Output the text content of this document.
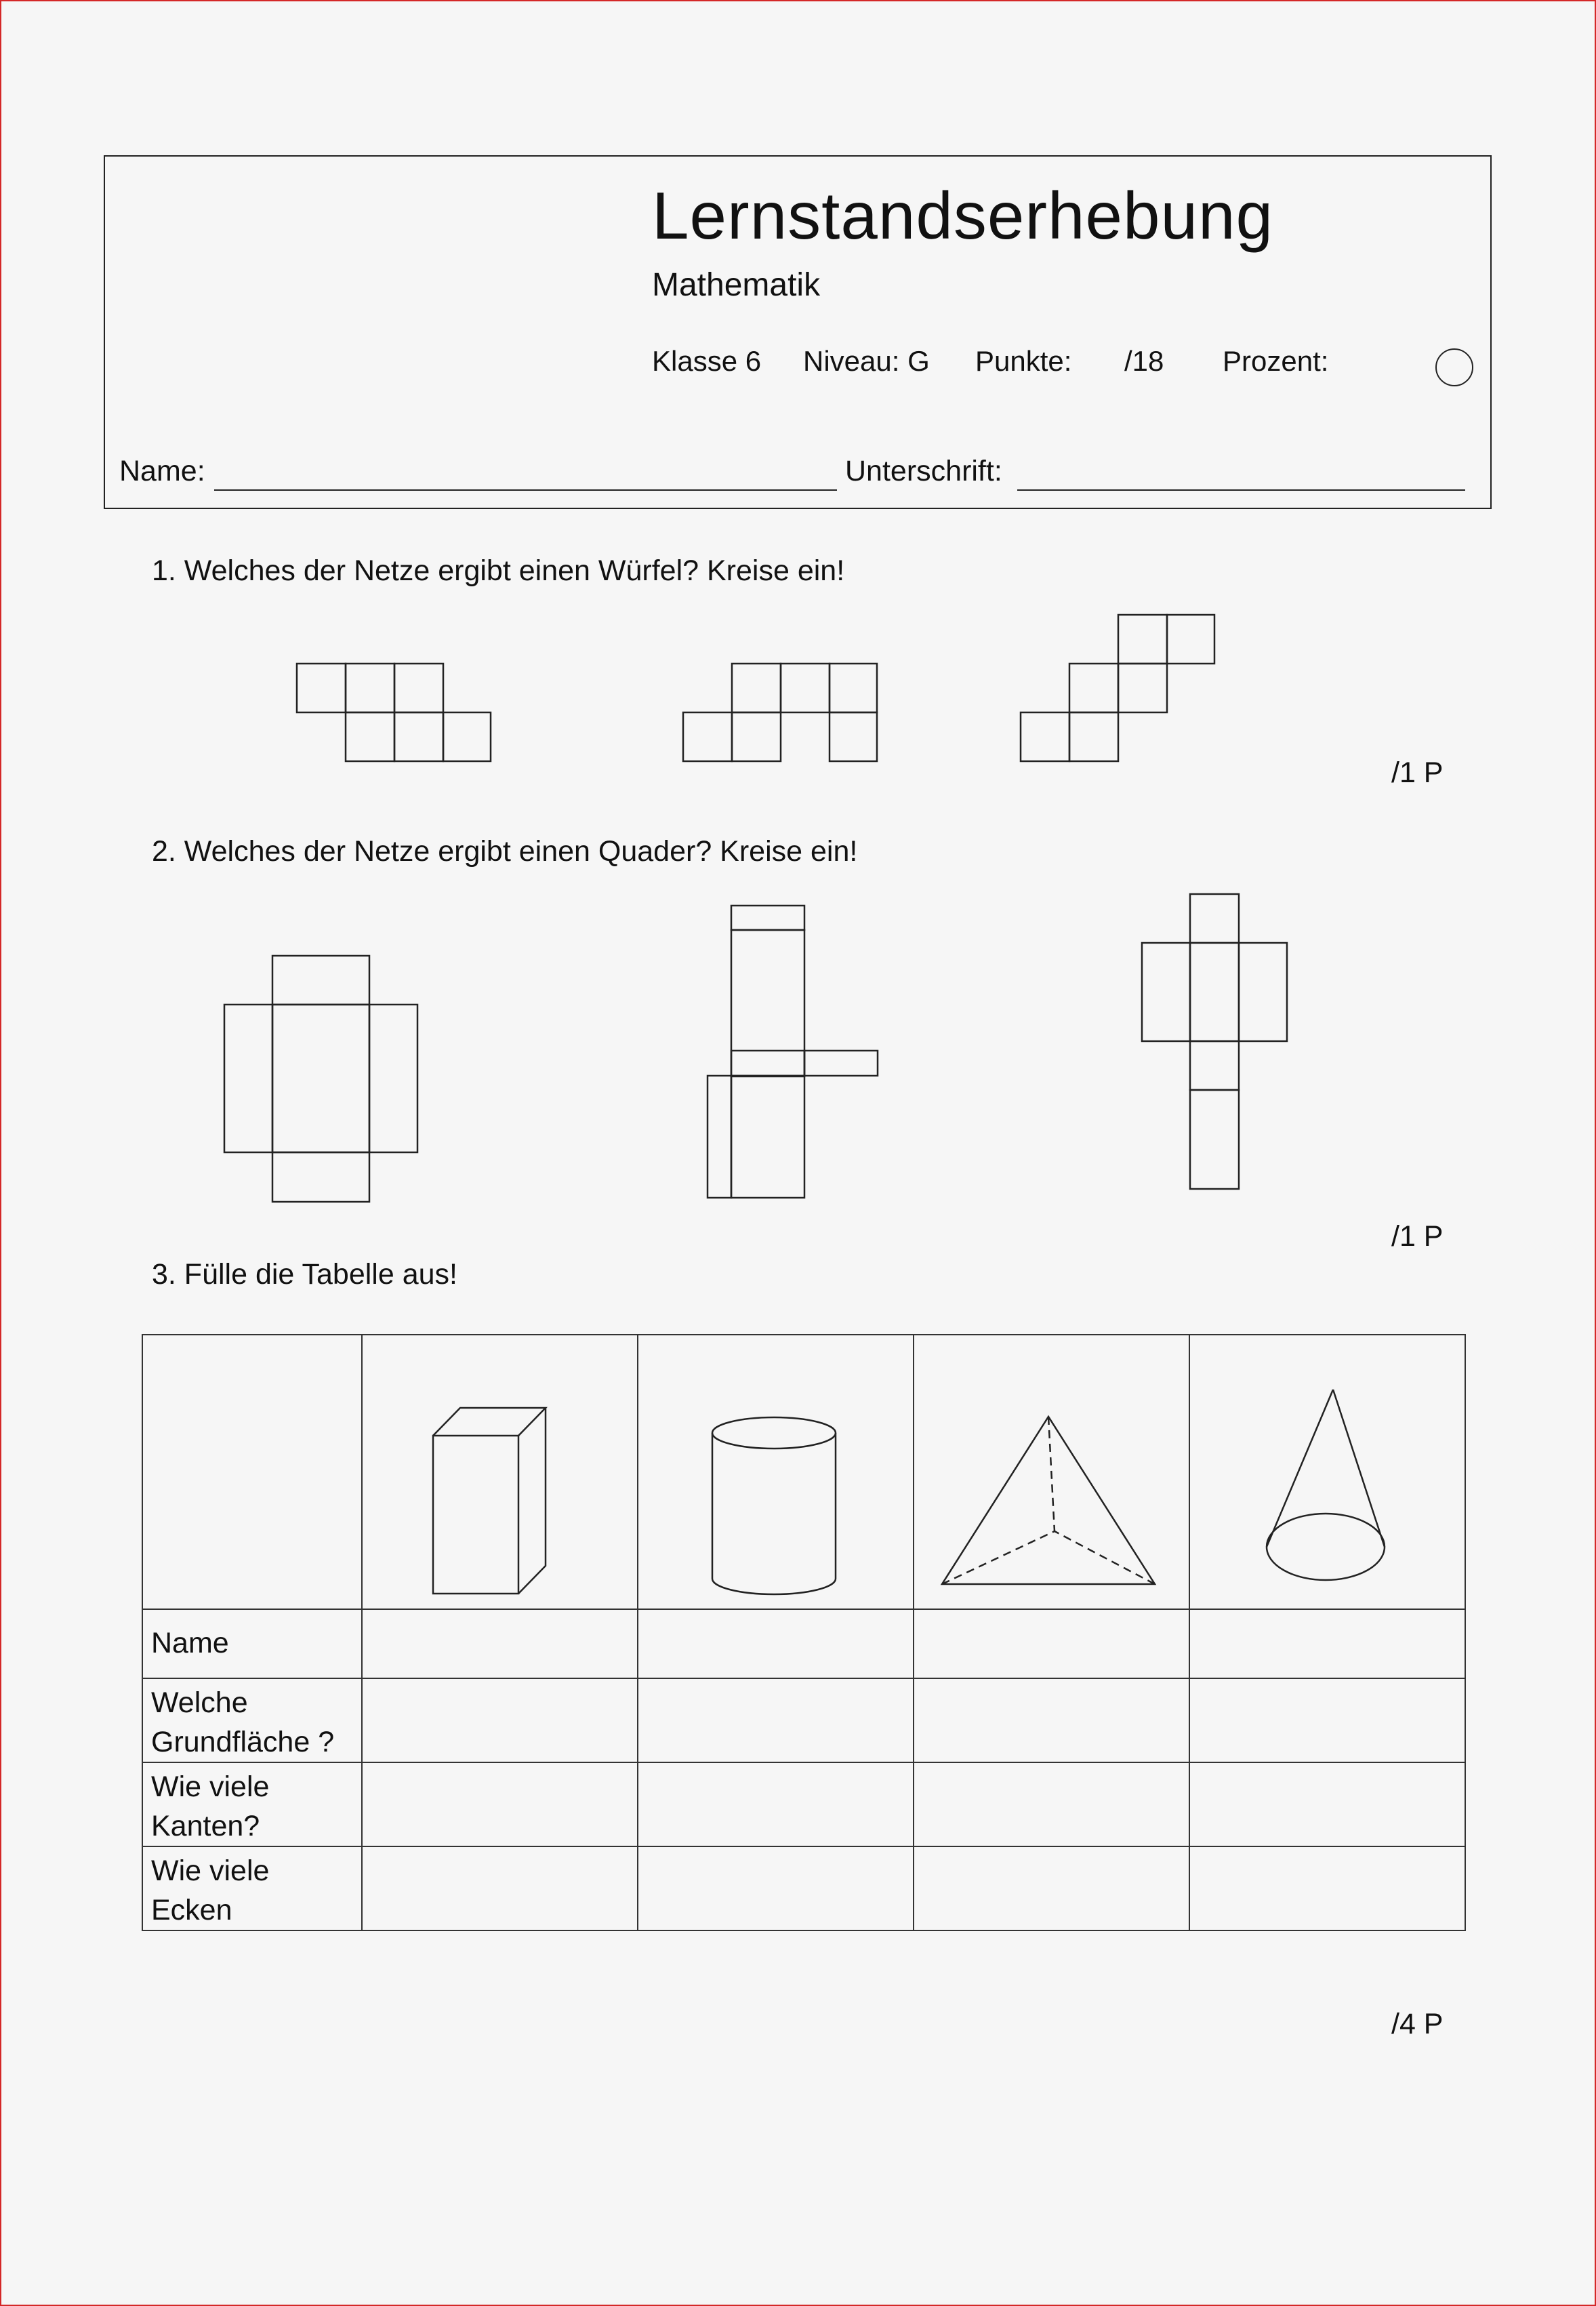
Lernstandserhebung
Mathematik
Klasse 6 Niveau: G Punkte: /18 Prozent:
Name:	Unterschrift:
1. Welches der Netze ergibt einen Würfel? Kreise ein!
/1 P
2. Welches der Netze ergibt einen Quader? Kreise ein!
/1 P
3. Fülle die Tabelle aus!

Name				

Welche Grundfläche ?				

Wie viele Kanten?				

Wie viele Ecken				

/4 P
